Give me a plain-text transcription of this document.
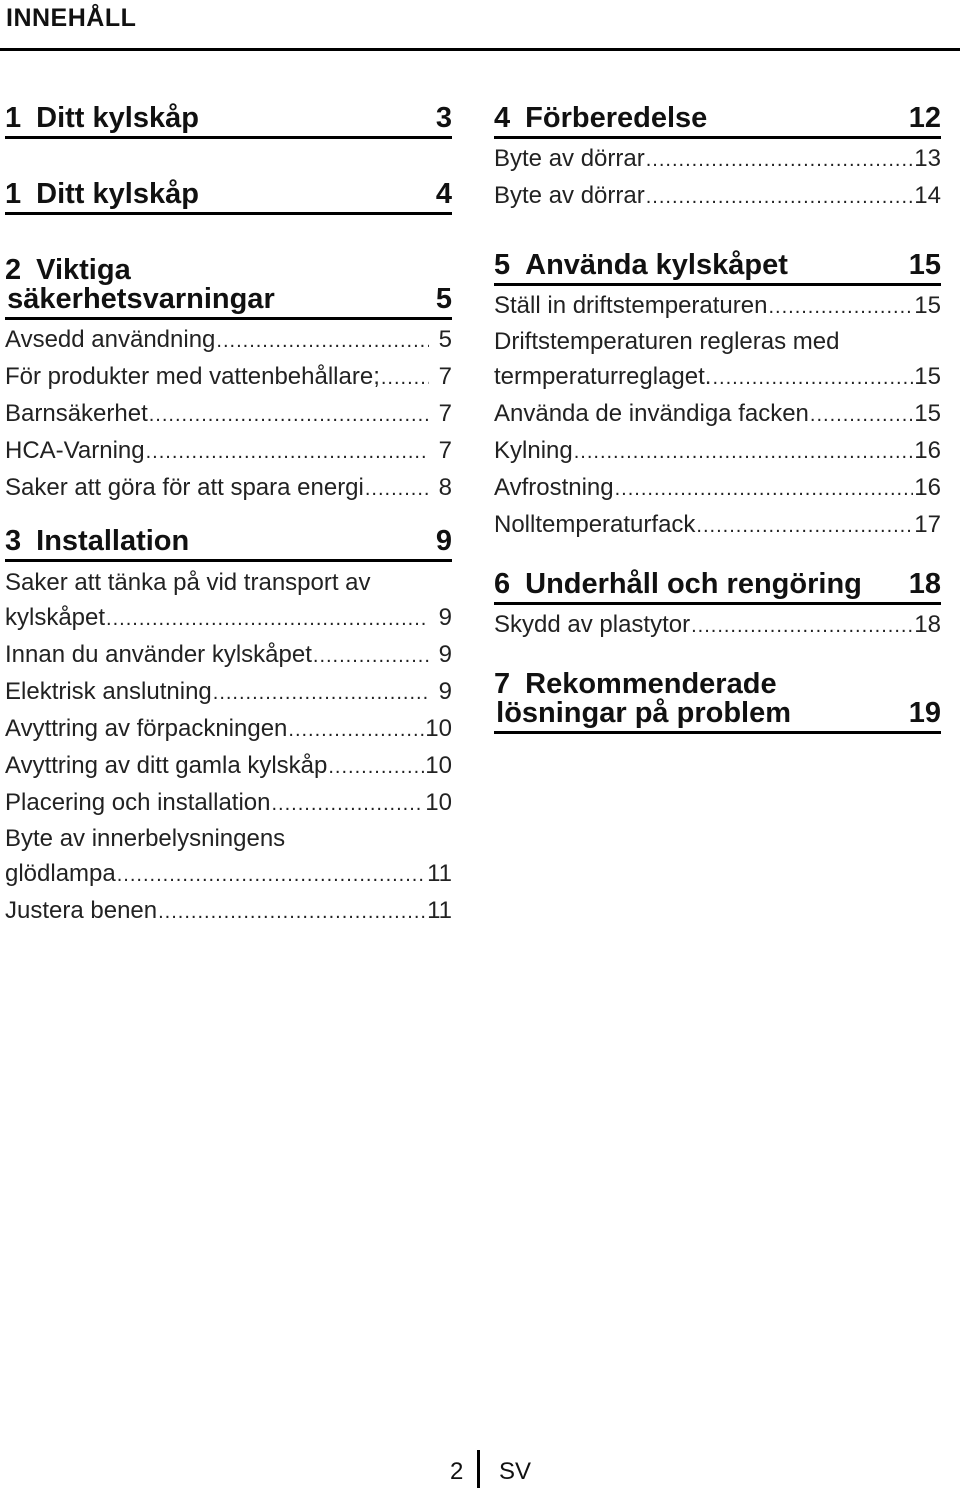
INNEHÅLL
1 Ditt kylskåp	3
1 Ditt kylskåp	4
2 Viktiga
säkerhetsvarningar	5
Avsedd användning .....	5
För produkter med vattenbehållare; .....	7
Barnsäkerhet .....	7
HCA-Varning .....	7
Saker att göra för att spara energi .....	8
3 Installation	9
Saker att tänka på vid transport av
kylskåpet .....	9
Innan du använder kylskåpet .....	9
Elektrisk anslutning .....	9
Avyttring av förpackningen .....	10
Avyttring av ditt gamla kylskåp .....	10
Placering och installation .....	10
Byte av innerbelysningens
glödlampa .....	11
Justera benen .....	11
4 Förberedelse	12
Byte av dörrar .....	13
Byte av dörrar .....	14
5 Använda kylskåpet	15
Ställ in driftstemperaturen .....	15
Driftstemperaturen regleras med
termperaturreglaget. .....	15
Använda de invändiga facken .....	15
Kylning .....	16
Avfrostning .....	16
Nolltemperaturfack .....	17
6 Underhåll och rengöring 18
Skydd av plastytor .....	18
7 Rekommenderade
lösningar på problem	19
2 SV
